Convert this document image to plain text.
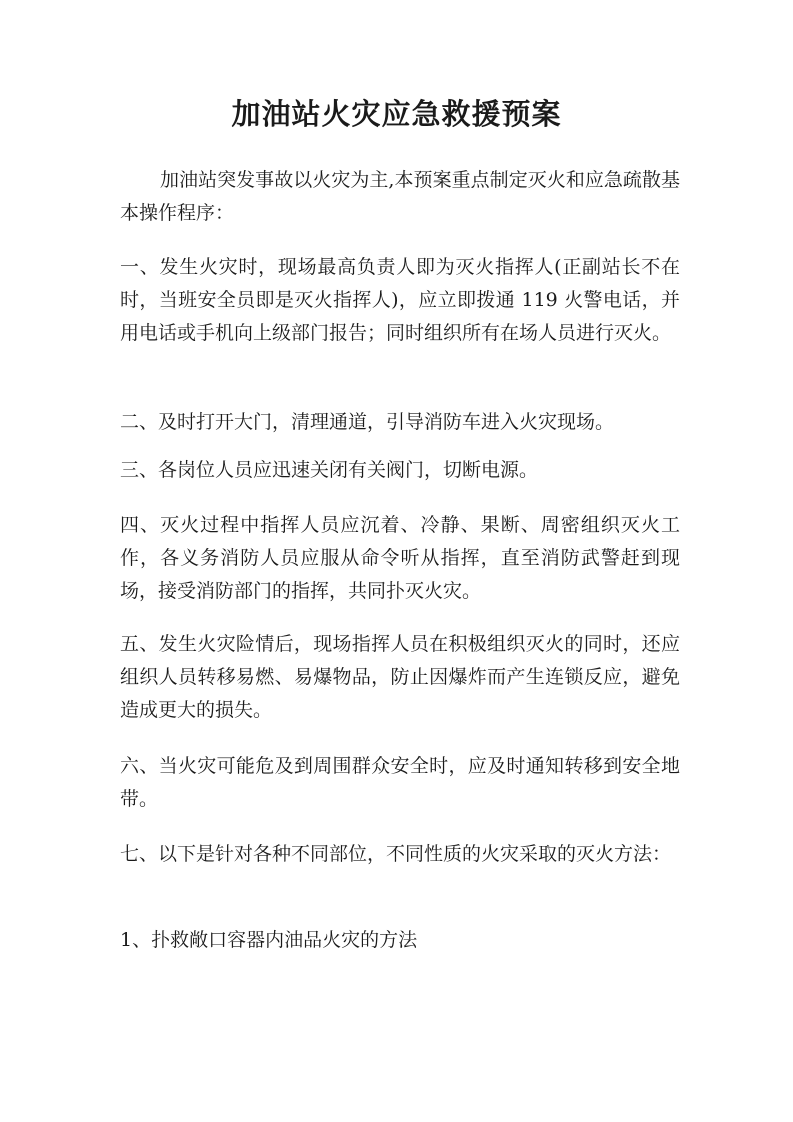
加油站火灾应急救援预案

加油站突发事故以火灾为主,本预案重点制定灭火和应急疏散基本操作程序：

一、发生火灾时，现场最高负责人即为灭火指挥人(正副站长不在时，当班安全员即是灭火指挥人)，应立即拨通 119 火警电话，并用电话或手机向上级部门报告；同时组织所有在场人员进行灭火。

二、及时打开大门，清理通道，引导消防车进入火灾现场。

三、各岗位人员应迅速关闭有关阀门，切断电源。

四、灭火过程中指挥人员应沉着、冷静、果断、周密组织灭火工作，各义务消防人员应服从命令听从指挥，直至消防武警赶到现场，接受消防部门的指挥，共同扑灭火灾。

五、发生火灾险情后，现场指挥人员在积极组织灭火的同时，还应组织人员转移易燃、易爆物品，防止因爆炸而产生连锁反应，避免造成更大的损失。

六、当火灾可能危及到周围群众安全时，应及时通知转移到安全地带。

七、以下是针对各种不同部位，不同性质的火灾采取的灭火方法：

1、扑救敞口容器内油品火灾的方法
